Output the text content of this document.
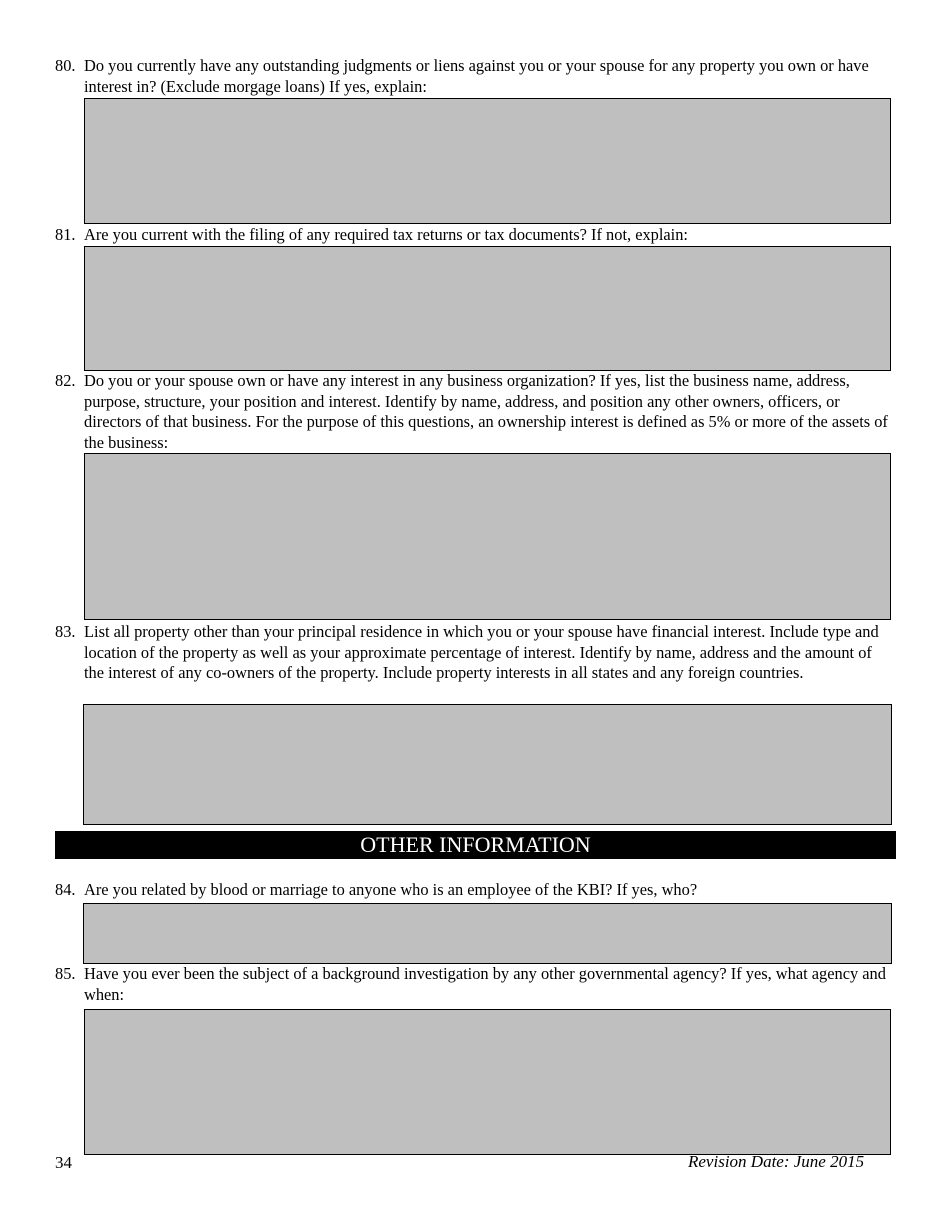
80. Do you currently have any outstanding judgments or liens against you or your spouse for any property you own or have interest in? (Exclude morgage loans) If yes, explain:
81. Are you current with the filing of any required tax returns or tax documents? If not, explain:
82. Do you or your spouse own or have any interest in any business organization? If yes, list the business name, address, purpose, structure, your position and interest. Identify by name, address, and position any other owners, officers, or directors of that business. For the purpose of this questions, an ownership interest is defined as 5% or more of the assets of the business:
83. List all property other than your principal residence in which you or your spouse have financial interest. Include type and location of the property as well as your approximate percentage of interest. Identify by name, address and the amount of the interest of any co-owners of the property. Include property interests in all states and any foreign countries.
OTHER INFORMATION
84. Are you related by blood or marriage to anyone who is an employee of the KBI? If yes, who?
85. Have you ever been the subject of a background investigation by any other governmental agency? If yes, what agency and when:
34	Revision Date: June 2015
